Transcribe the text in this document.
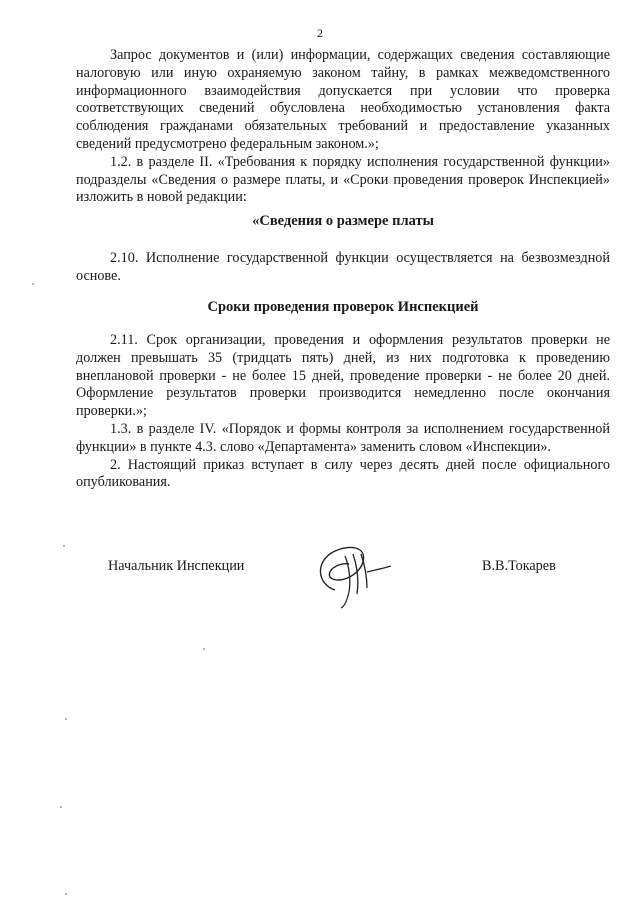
2

Запрос документов и (или) информации, содержащих сведения составляющие налоговую или иную охраняемую законом тайну, в рамках межведомственного информационного взаимодействия допускается при условии что проверка соответствующих сведений обусловлена необходимостью установления факта соблюдения гражданами обязательных требований и предоставление указанных сведений предусмотрено федеральным законом.»;

1.2. в разделе II. «Требования к порядку исполнения государственной функции» подразделы «Сведения о размере платы, и «Сроки проведения проверок Инспекцией» изложить в новой редакции:

«Сведения о размере платы

2.10. Исполнение государственной функции осуществляется на безвозмездной основе.

Сроки проведения проверок Инспекцией

2.11. Срок организации, проведения и оформления результатов проверки не должен превышать 35 (тридцать пять) дней, из них подготовка к проведению внеплановой проверки - не более 15 дней, проведение проверки - не более 20 дней. Оформление результатов проверки производится немедленно после окончания проверки.»;

1.3. в разделе IV. «Порядок и формы контроля за исполнением государственной функции» в пункте 4.3. слово «Департамента» заменить словом «Инспекции».

2. Настоящий приказ вступает в силу через десять дней после официального опубликования.

Начальник Инспекции	В.В.Токарев
